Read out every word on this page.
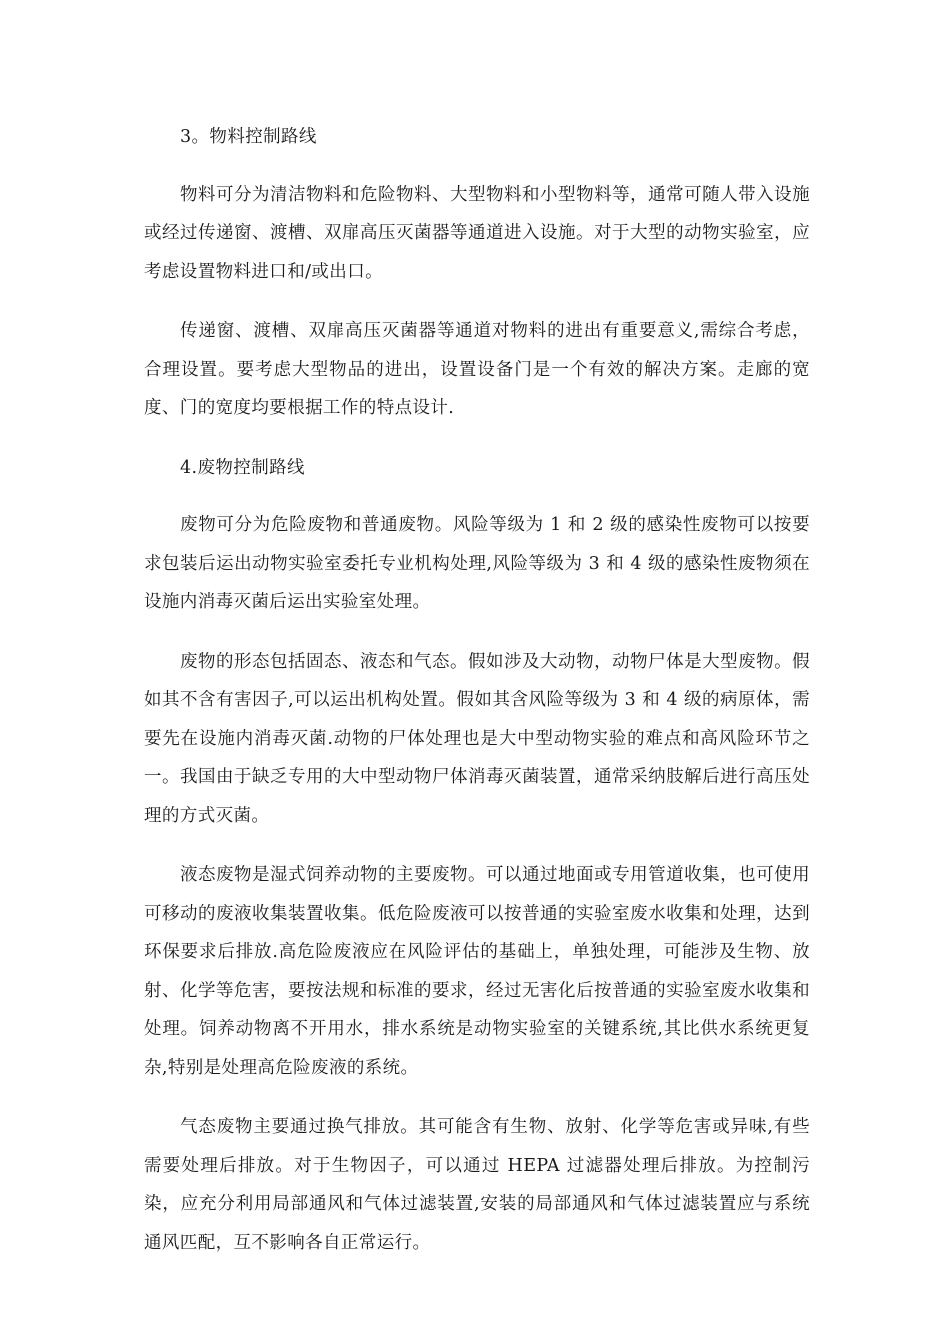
3。物料控制路线

物料可分为清洁物料和危险物料、大型物料和小型物料等，通常可随人带入设施或经过传递窗、渡槽、双扉高压灭菌器等通道进入设施。对于大型的动物实验室，应考虑设置物料进口和/或出口。

传递窗、渡槽、双扉高压灭菌器等通道对物料的进出有重要意义,需综合考虑，合理设置。要考虑大型物品的进出，设置设备门是一个有效的解决方案。走廊的宽度、门的宽度均要根据工作的特点设计.

4.废物控制路线

废物可分为危险废物和普通废物。风险等级为 1 和 2 级的感染性废物可以按要求包装后运出动物实验室委托专业机构处理,风险等级为 3 和 4 级的感染性废物须在设施内消毒灭菌后运出实验室处理。

废物的形态包括固态、液态和气态。假如涉及大动物，动物尸体是大型废物。假如其不含有害因子,可以运出机构处置。假如其含风险等级为 3 和 4 级的病原体，需要先在设施内消毒灭菌.动物的尸体处理也是大中型动物实验的难点和高风险环节之一。我国由于缺乏专用的大中型动物尸体消毒灭菌装置，通常采纳肢解后进行高压处理的方式灭菌。

液态废物是湿式饲养动物的主要废物。可以通过地面或专用管道收集，也可使用可移动的废液收集装置收集。低危险废液可以按普通的实验室废水收集和处理，达到环保要求后排放.高危险废液应在风险评估的基础上，单独处理，可能涉及生物、放射、化学等危害，要按法规和标准的要求，经过无害化后按普通的实验室废水收集和处理。饲养动物离不开用水，排水系统是动物实验室的关键系统,其比供水系统更复杂,特别是处理高危险废液的系统。

气态废物主要通过换气排放。其可能含有生物、放射、化学等危害或异味,有些需要处理后排放。对于生物因子，可以通过 HEPA 过滤器处理后排放。为控制污染，应充分利用局部通风和气体过滤装置,安装的局部通风和气体过滤装置应与系统通风匹配，互不影响各自正常运行。
